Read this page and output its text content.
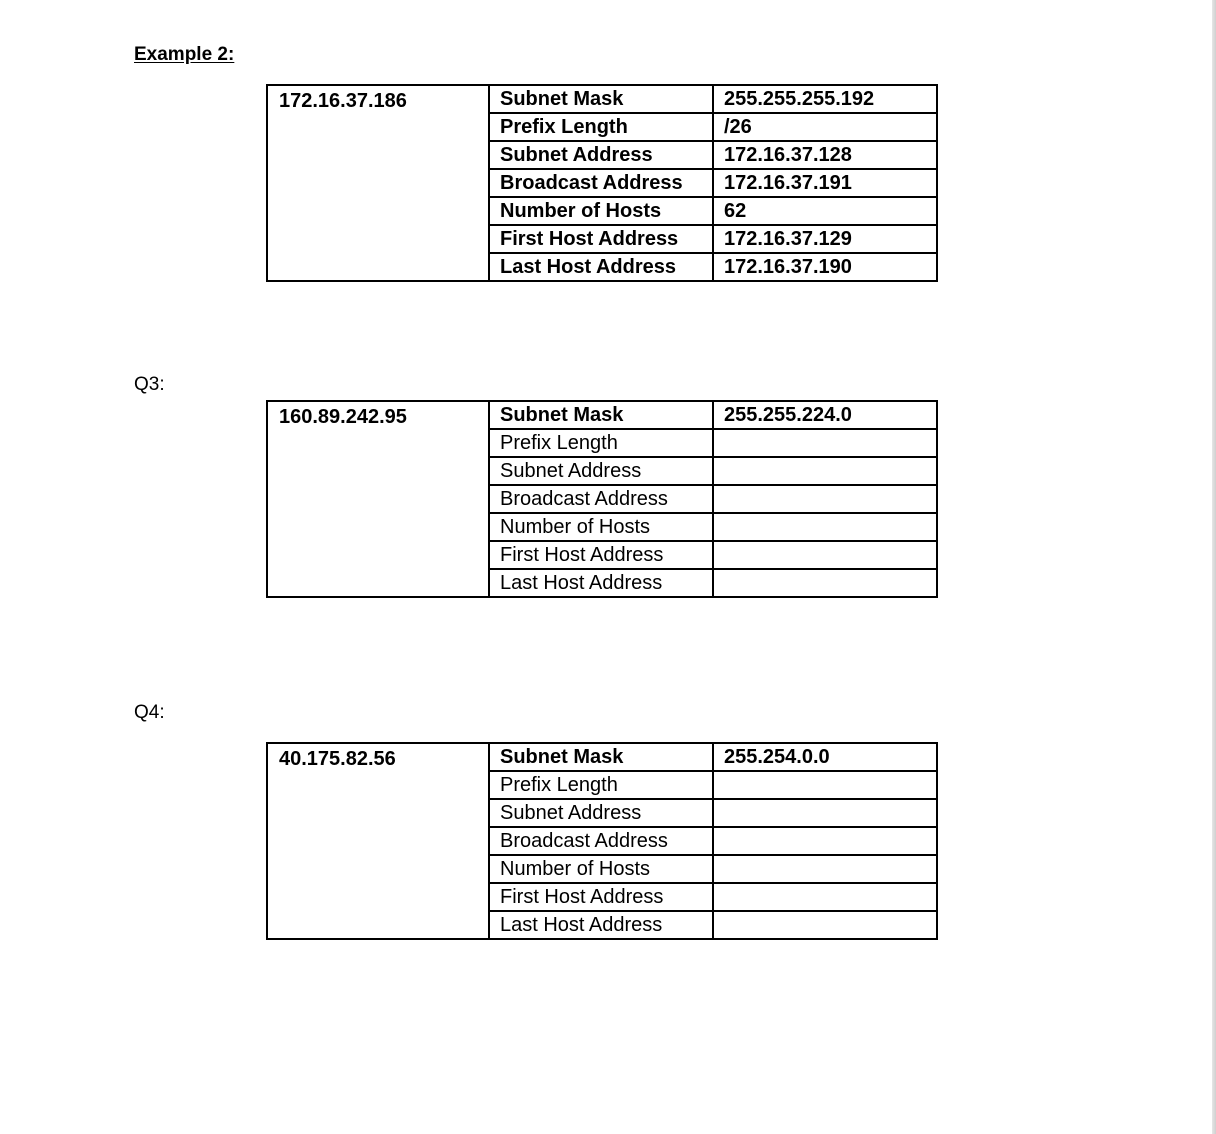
Example 2:
172.16.37.186	Subnet Mask	255.255.255.192
	Prefix Length	/26
	Subnet Address	172.16.37.128
	Broadcast Address	172.16.37.191
	Number of Hosts	62
	First Host Address	172.16.37.129
	Last Host Address	172.16.37.190
Q3:
160.89.242.95	Subnet Mask	255.255.224.0
	Prefix Length	
	Subnet Address	
	Broadcast Address	
	Number of Hosts	
	First Host Address	
	Last Host Address	
Q4:
40.175.82.56	Subnet Mask	255.254.0.0
	Prefix Length	
	Subnet Address	
	Broadcast Address	
	Number of Hosts	
	First Host Address	
	Last Host Address	
